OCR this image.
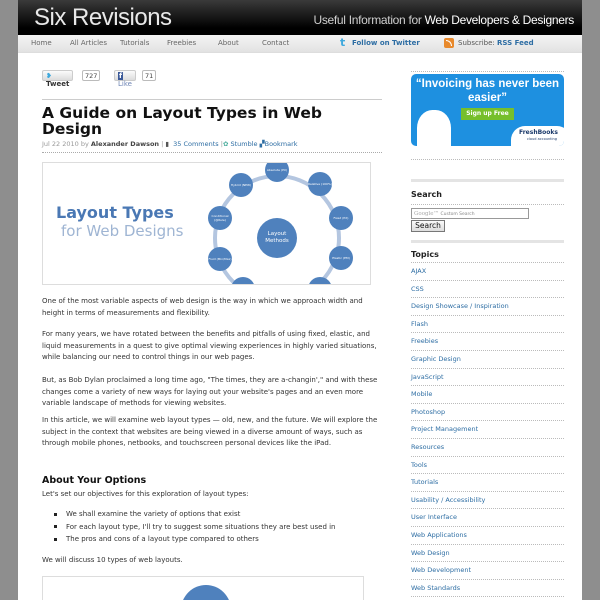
Six Revisions	Useful Information for Web Developers & Designers
Home	All Articles Tutorials	Freebies	About	Contact	t Follow on Twitter	Subscribe: RSS Feed
❥ Tweet
727	f Like
71
A Guide on Layout Types in Web Design
Jul 22 2010 by Alexander Dawson | ▮ 35 Comments |✿ Stumble ▞Bookmark
Layout Types
for Web Designs	Layout Methods
Absolute (PX)
Relative (100%)
Fixed (PX)
Elastic (EM)
Fluid (Min/Max)
Conditional (@Rule)
Hybrid (NEW)

One of the most variable aspects of web design is the way in which we approach width and height in terms of measurements and flexibility.

For many years, we have rotated between the benefits and pitfalls of using fixed, elastic, and liquid measurements in a quest to give optimal viewing experiences in highly varied situations, while balancing our need to control things in our web pages.

But, as Bob Dylan proclaimed a long time ago, "The times, they are a-changin'," and with these changes come a variety of new ways for laying out your website's pages and an even more variable landscape of methods for viewing websites.

In this article, we will examine web layout types — old, new, and the future. We will explore the subject in the context that websites are being viewed in a diverse amount of ways, such as through mobile phones, netbooks, and touchscreen personal devices like the iPad.

About Your Options

Let's set our objectives for this exploration of layout types:

We shall examine the variety of options that exist
For each layout type, I'll try to suggest some situations they are best used in
The pros and cons of a layout type compared to others

We will discuss 10 types of web layouts.

“Invoicing has never been easier”
Sign up Free
FreshBooks
cloud accounting
Search
Google™ Custom Search
Search
Topics
AJAX
CSS
Design Showcase / Inspiration
Flash
Freebies
Graphic Design
JavaScript
Mobile
Photoshop
Project Management
Resources
Tools
Tutorials
Usability / Accessibility
User Interface
Web Applications
Web Design
Web Development
Web Standards
